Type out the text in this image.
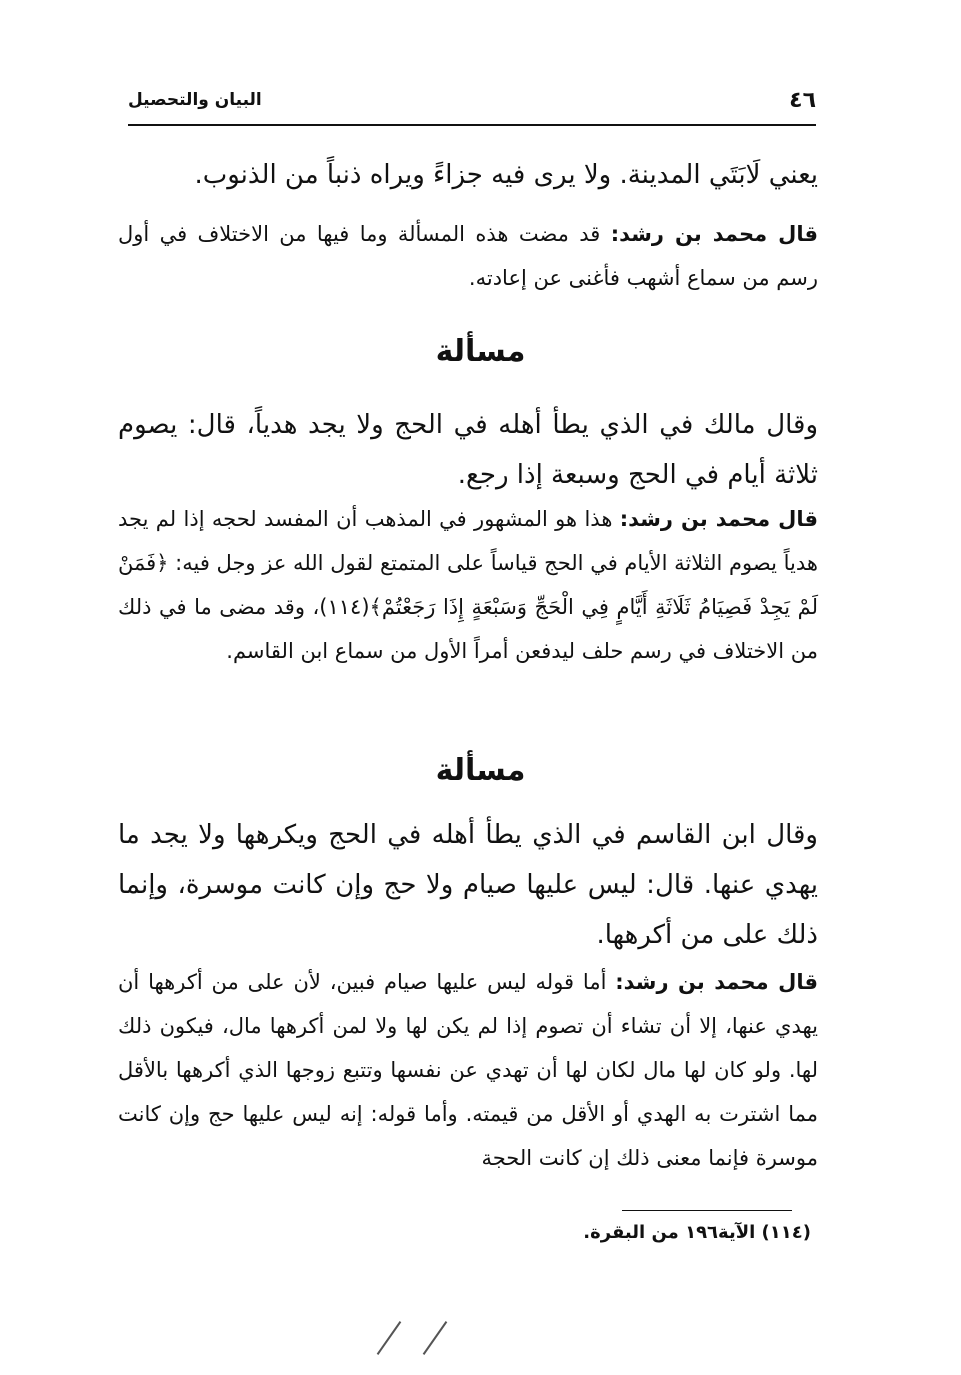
٤٦
البيان والتحصيل
يعني لَابَتَي المدينة. ولا يرى فيه جزاءً ويراه ذنباً من الذنوب.
قال محمد بن رشد: قد مضت هذه المسألة وما فيها من الاختلاف في أول رسم من سماع أشهب فأغنى عن إعادته.
مسألة
وقال مالك في الذي يطأ أهله في الحج ولا يجد هدياً، قال: يصوم ثلاثة أيام في الحج وسبعة إذا رجع.
قال محمد بن رشد: هذا هو المشهور في المذهب أن المفسد لحجه إذا لم يجد هدياً يصوم الثلاثة الأيام في الحج قياساً على المتمتع لقول الله عز وجل فيه: ﴿فَمَنْ لَمْ يَجِدْ فَصِيَامُ ثَلَاثَةِ أَيَّامٍ فِي الْحَجِّ وَسَبْعَةٍ إِذَا رَجَعْتُمْ﴾(١١٤)، وقد مضى ما في ذلك من الاختلاف في رسم حلف ليدفعن أمراً الأول من سماع ابن القاسم.
مسألة
وقال ابن القاسم في الذي يطأ أهله في الحج ويكرهها ولا يجد ما يهدي عنها. قال: ليس عليها صيام ولا حج وإن كانت موسرة، وإنما ذلك على من أكرهها.
قال محمد بن رشد: أما قوله ليس عليها صيام فبين، لأن على من أكرهها أن يهدي عنها، إلا أن تشاء أن تصوم إذا لم يكن لها ولا لمن أكرهها مال، فيكون ذلك لها. ولو كان لها مال لكان لها أن تهدي عن نفسها وتتبع زوجها الذي أكرهها بالأقل مما اشترت به الهدي أو الأقل من قيمته. وأما قوله: إنه ليس عليها حج وإن كانت موسرة فإنما معنى ذلك إن كانت الحجة
(١١٤) الآية١٩٦ من البقرة.
